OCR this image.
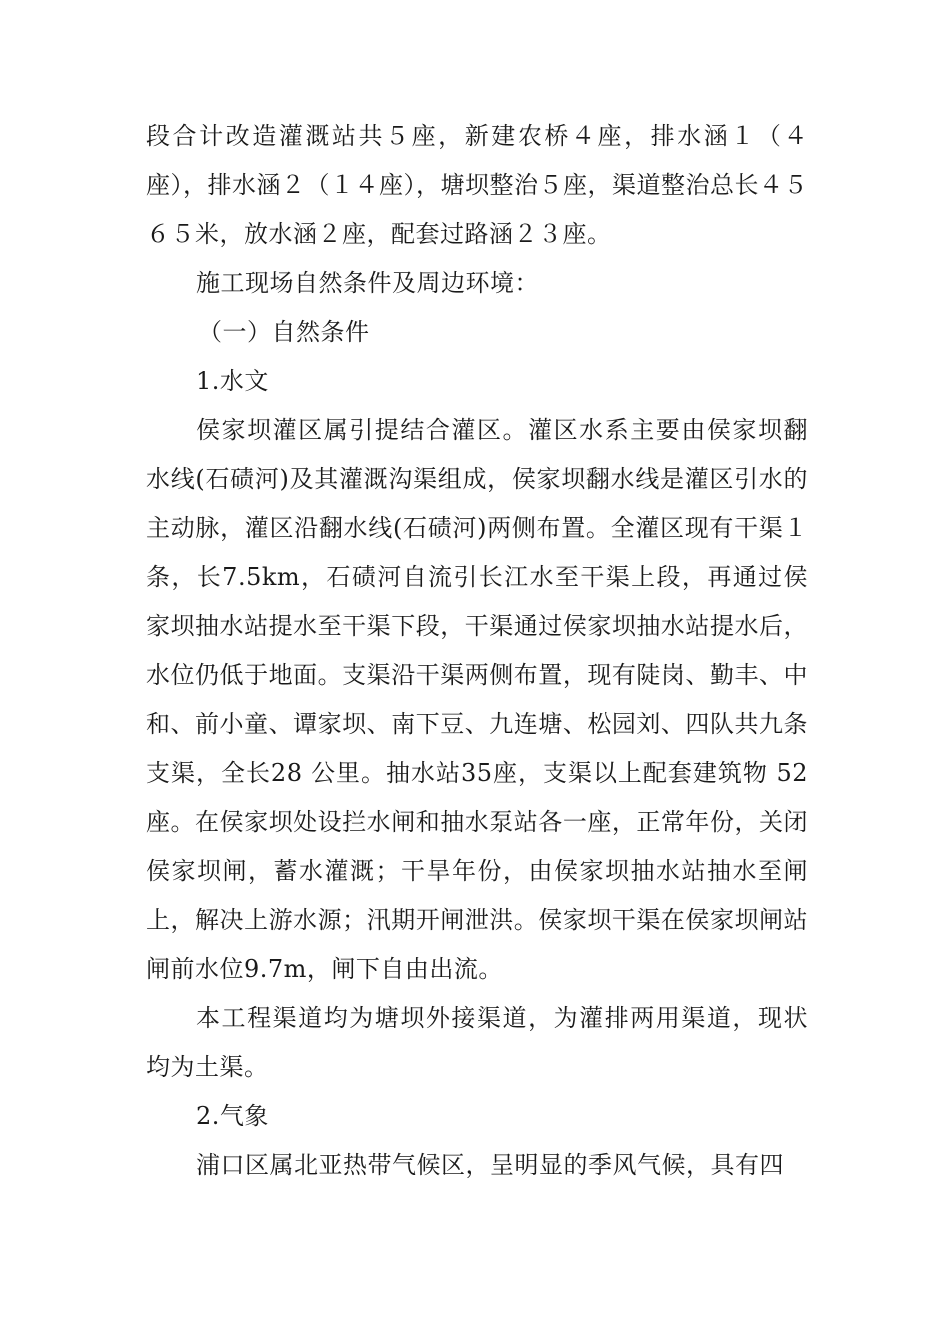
段合计改造灌溉站共５座，新建农桥４座，排水涵１（４座），排水涵２（１４座），塘坝整治５座，渠道整治总长４５６５米，放水涵２座，配套过路涵２３座。

施工现场自然条件及周边环境：

（一）自然条件

1.水文

侯家坝灌区属引提结合灌区。灌区水系主要由侯家坝翻水线(石碛河)及其灌溉沟渠组成，侯家坝翻水线是灌区引水的主动脉，灌区沿翻水线(石碛河)两侧布置。全灌区现有干渠１条，长7.5km，石碛河自流引长江水至干渠上段，再通过侯家坝抽水站提水至干渠下段，干渠通过侯家坝抽水站提水后，水位仍低于地面。支渠沿干渠两侧布置，现有陡岗、勤丰、中和、前小童、谭家坝、南下豆、九连塘、松园刘、四队共九条支渠，全长28 公里。抽水站35座，支渠以上配套建筑物 52 座。在侯家坝处设拦水闸和抽水泵站各一座，正常年份，关闭侯家坝闸，蓄水灌溉；干旱年份，由侯家坝抽水站抽水至闸上，解决上游水源；汛期开闸泄洪。侯家坝干渠在侯家坝闸站闸前水位9.7m，闸下自由出流。

本工程渠道均为塘坝外接渠道，为灌排两用渠道，现状均为土渠。

2.气象

浦口区属北亚热带气候区，呈明显的季风气候，具有四
